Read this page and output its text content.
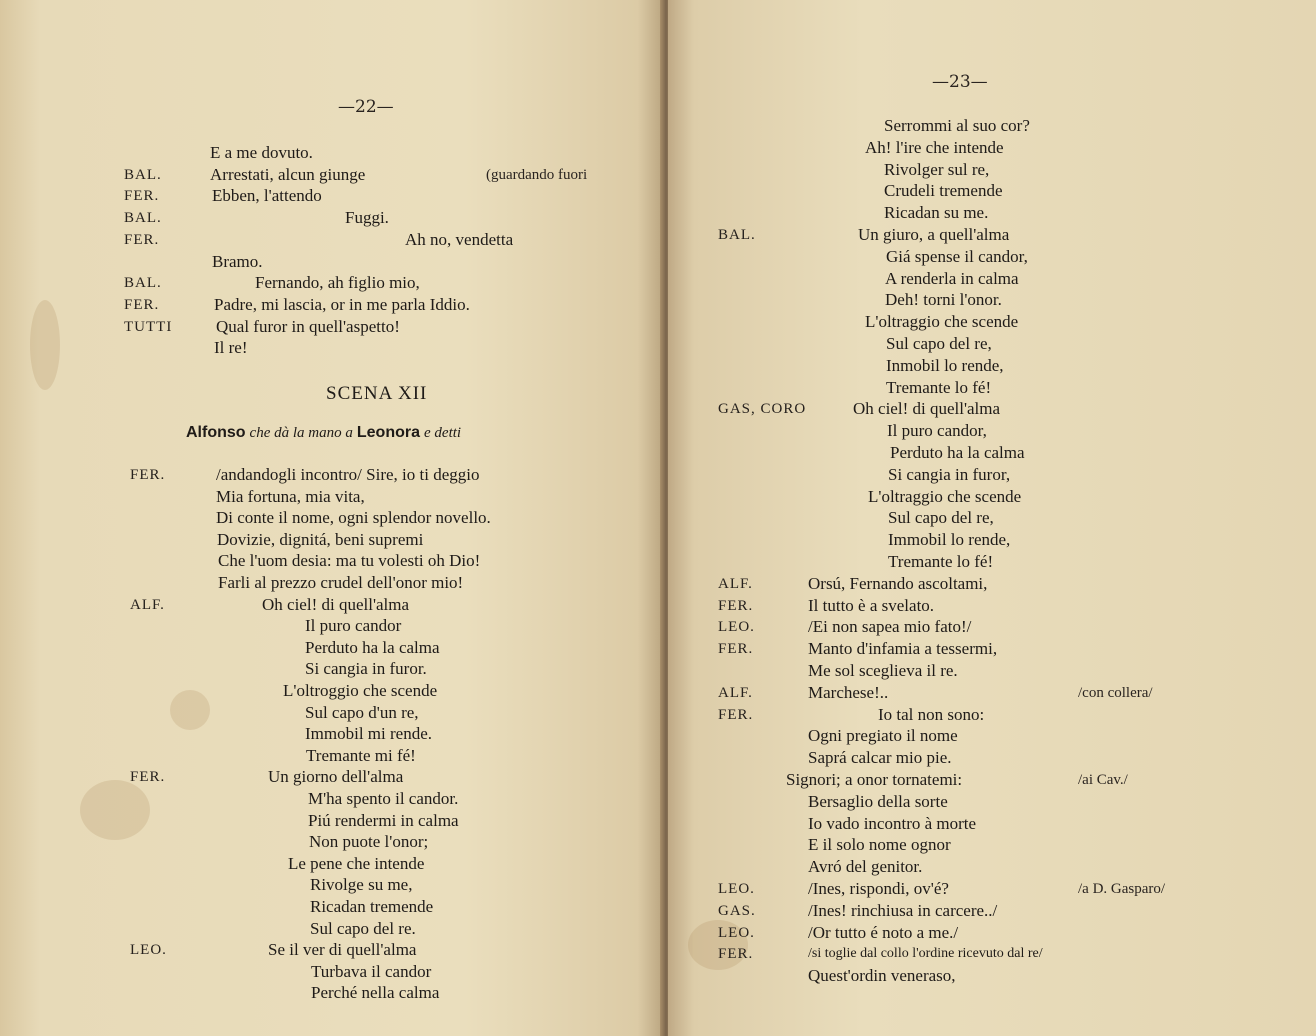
—22—
E a me dovuto.
BAL.	Arrestati, alcun giunge	(guardando fuori
FER.	Ebben, l'attendo
BAL.	Fuggi.
FER.	Ah no, vendetta
Bramo.
BAL.	Fernando, ah figlio mio,
FER.	Padre, mi lascia, or in me parla Iddio.
TUTTI	Qual furor in quell'aspetto!
Il re!
SCENA XII
Alfonso che dà la mano a Leonora e detti
FER.	/andandogli incontro/ Sire, io ti deggio
Mia fortuna, mia vita,
Di conte il nome, ogni splendor novello.
Dovizie, dignitá, beni supremi
Che l'uom desia: ma tu volesti oh Dio!
Farli al prezzo crudel dell'onor mio!
ALF.	Oh ciel! di quell'alma
Il puro candor
Perduto ha la calma
Si cangia in furor.
L'oltroggio che scende
Sul capo d'un re,
Immobil mi rende.
Tremante mi fé!
FER.	Un giorno dell'alma
M'ha spento il candor.
Piú rendermi in calma
Non puote l'onor;
Le pene che intende
Rivolge su me,
Ricadan tremende
Sul capo del re.
LEO.	Se il ver di quell'alma
Turbava il candor
Perché nella calma
—23—
Serrommi al suo cor?
Ah! l'ire che intende
Rivolger sul re,
Crudeli tremende
Ricadan su me.
BAL.	Un giuro, a quell'alma
Giá spense il candor,
A renderla in calma
Deh! torni l'onor.
L'oltraggio che scende
Sul capo del re,
Inmobil lo rende,
Tremante lo fé!
GAS, CORO	Oh ciel! di quell'alma
Il puro candor,
Perduto ha la calma
Si cangia in furor,
L'oltraggio che scende
Sul capo del re,
Immobil lo rende,
Tremante lo fé!
ALF.	Orsú, Fernando ascoltami,
FER.	Il tutto è a svelato.
LEO.	/Ei non sapea mio fato!/
FER.	Manto d'infamia a tessermi,
Me sol sceglieva il re.
ALF.	Marchese!..	/con collera/
FER.	Io tal non sono:
Ogni pregiato il nome
Saprá calcar mio pie.
Signori; a onor tornatemi:	/ai Cav./
Bersaglio della sorte
Io vado incontro à morte
E il solo nome ognor
Avró del genitor.
LEO.	/Ines, rispondi, ov'é?	/a D. Gasparo/
GAS.	/Ines! rinchiusa in carcere../
LEO.	/Or tutto é noto a me./
FER.	/si toglie dal collo l'ordine ricevuto dal re/
Quest'ordin veneraso,
